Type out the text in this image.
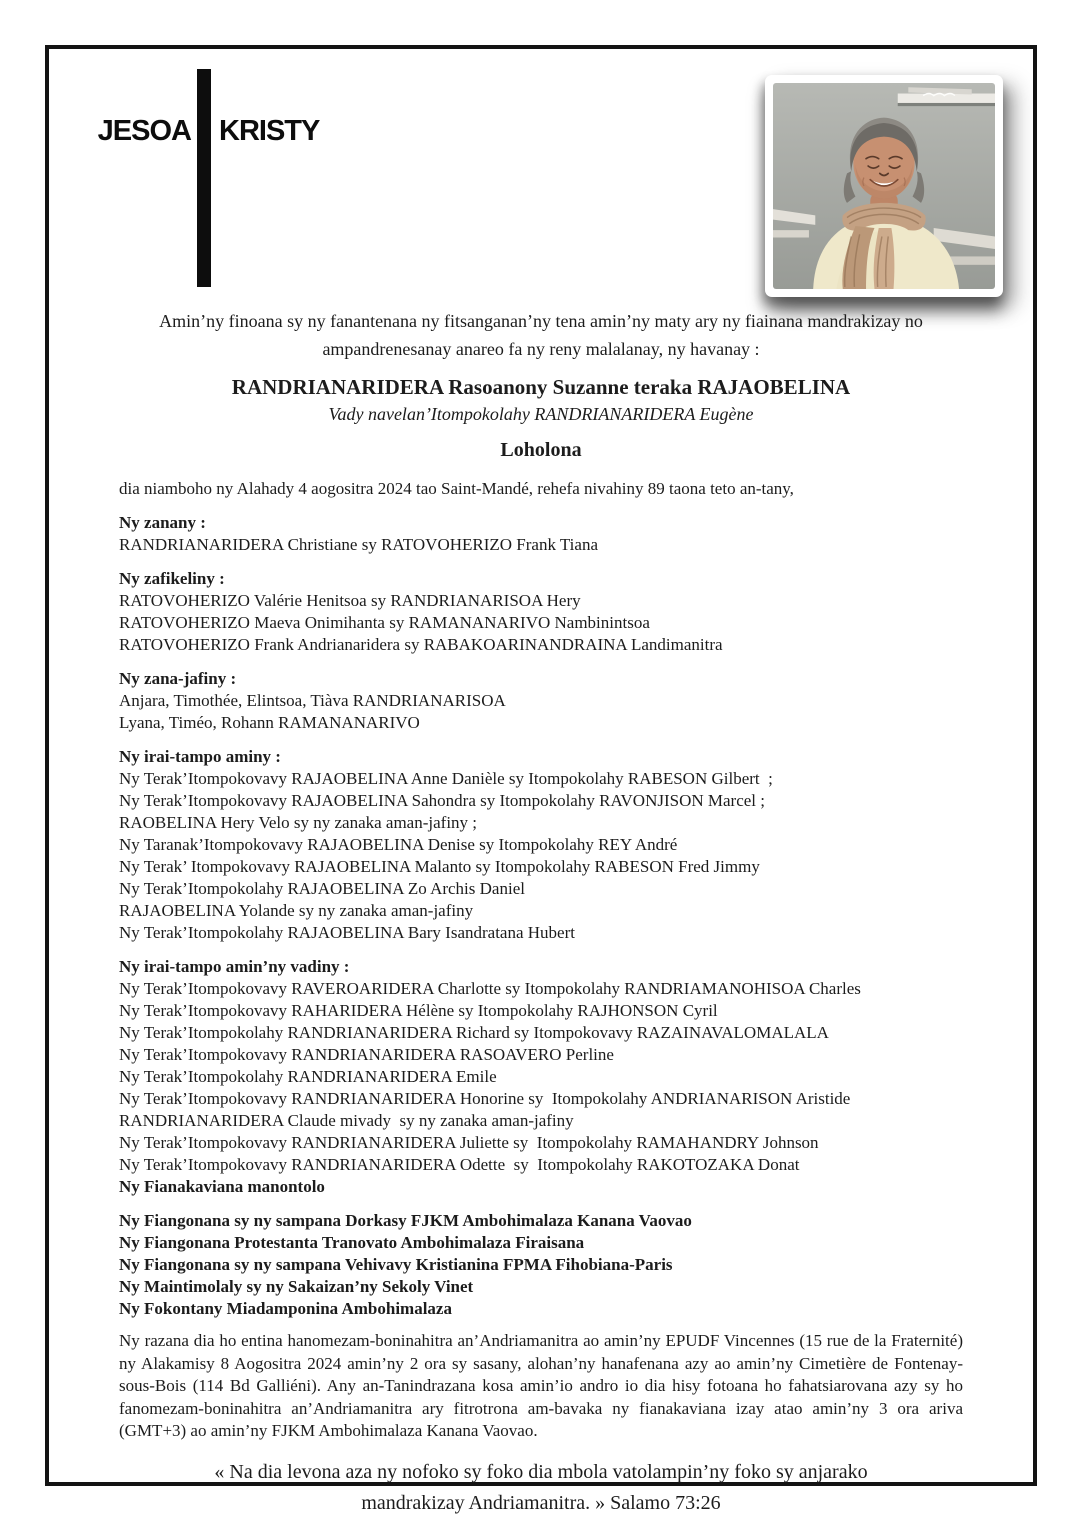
JESOA KRISTY
Amin’ny finoana sy ny fanantenana ny fitsanganan’ny tena amin’ny maty ary ny fiainana mandrakizay no ampandrenesanay anareo fa ny reny malalanay, ny havanay :
RANDRIANARIDERA Rasoanony Suzanne teraka RAJAOBELINA
Vady navelan’Itompokolahy RANDRIANARIDERA Eugène
Loholona
dia niamboho ny Alahady 4 aogositra 2024 tao Saint-Mandé, rehefa nivahiny 89 taona teto an-tany,
Ny zanany :
RANDRIANARIDERA Christiane sy RATOVOHERIZO Frank Tiana
Ny zafikeliny :
RATOVOHERIZO Valérie Henitsoa sy RANDRIANARISOA Hery
RATOVOHERIZO Maeva Onimihanta sy RAMANANARIVO Nambinintsoa
RATOVOHERIZO Frank Andrianaridera sy RABAKOARINANDRAINA Landimanitra
Ny zana-jafiny :
Anjara, Timothée, Elintsoa, Tiàva RANDRIANARISOA
Lyana, Timéo, Rohann RAMANANARIVO
Ny irai-tampo aminy :
Ny Terak’Itompokovavy RAJAOBELINA Anne Danièle sy Itompokolahy RABESON Gilbert  ;
Ny Terak’Itompokovavy RAJAOBELINA Sahondra sy Itompokolahy RAVONJISON Marcel ;
RAOBELINA Hery Velo sy ny zanaka aman-jafiny ;
Ny Taranak’Itompokovavy RAJAOBELINA Denise sy Itompokolahy REY André
Ny Terak’ Itompokovavy RAJAOBELINA Malanto sy Itompokolahy RABESON Fred Jimmy
Ny Terak’Itompokolahy RAJAOBELINA Zo Archis Daniel
RAJAOBELINA Yolande sy ny zanaka aman-jafiny
Ny Terak’Itompokolahy RAJAOBELINA Bary Isandratana Hubert
Ny irai-tampo amin’ny vadiny :
Ny Terak’Itompokovavy RAVEROARIDERA Charlotte sy Itompokolahy RANDRIAMANOHISOA Charles
Ny Terak’Itompokovavy RAHARIDERA Hélène sy Itompokolahy RAJHONSON Cyril
Ny Terak’Itompokolahy RANDRIANARIDERA Richard sy Itompokovavy RAZAINAVALOMALALA
Ny Terak’Itompokovavy RANDRIANARIDERA RASOAVERO Perline
Ny Terak’Itompokolahy RANDRIANARIDERA Emile
Ny Terak’Itompokovavy RANDRIANARIDERA Honorine sy  Itompokolahy ANDRIANARISON Aristide
RANDRIANARIDERA Claude mivady  sy ny zanaka aman-jafiny
Ny Terak’Itompokovavy RANDRIANARIDERA Juliette sy  Itompokolahy RAMAHANDRY Johnson
Ny Terak’Itompokovavy RANDRIANARIDERA Odette  sy  Itompokolahy RAKOTOZAKA Donat
Ny Fianakaviana manontolo
Ny Fiangonana sy ny sampana Dorkasy FJKM Ambohimalaza Kanana Vaovao
Ny Fiangonana Protestanta Tranovato Ambohimalaza Firaisana
Ny Fiangonana sy ny sampana Vehivavy Kristianina FPMA Fihobiana-Paris
Ny Maintimolaly sy ny Sakaizan’ny Sekoly Vinet
Ny Fokontany Miadamponina Ambohimalaza
Ny razana dia ho entina hanomezam-boninahitra an’Andriamanitra ao amin’ny EPUDF Vincennes (15 rue de la Fraternité) ny Alakamisy 8 Aogositra 2024 amin’ny 2 ora sy sasany, alohan’ny hanafenana azy ao amin’ny Cimetière de Fontenay-sous-Bois (114 Bd Galliéni). Any an-Tanindrazana kosa amin’io andro io dia hisy fotoana ho fahatsiarovana azy sy ho fanomezam-boninahitra an’Andriamanitra ary fitrotrona am-bavaka ny fianakaviana izay atao amin’ny 3 ora ariva (GMT+3) ao amin’ny FJKM Ambohimalaza Kanana Vaovao.
« Na dia levona aza ny nofoko sy foko dia mbola vatolampin’ny foko sy anjarako mandrakizay Andriamanitra. » Salamo 73:26
